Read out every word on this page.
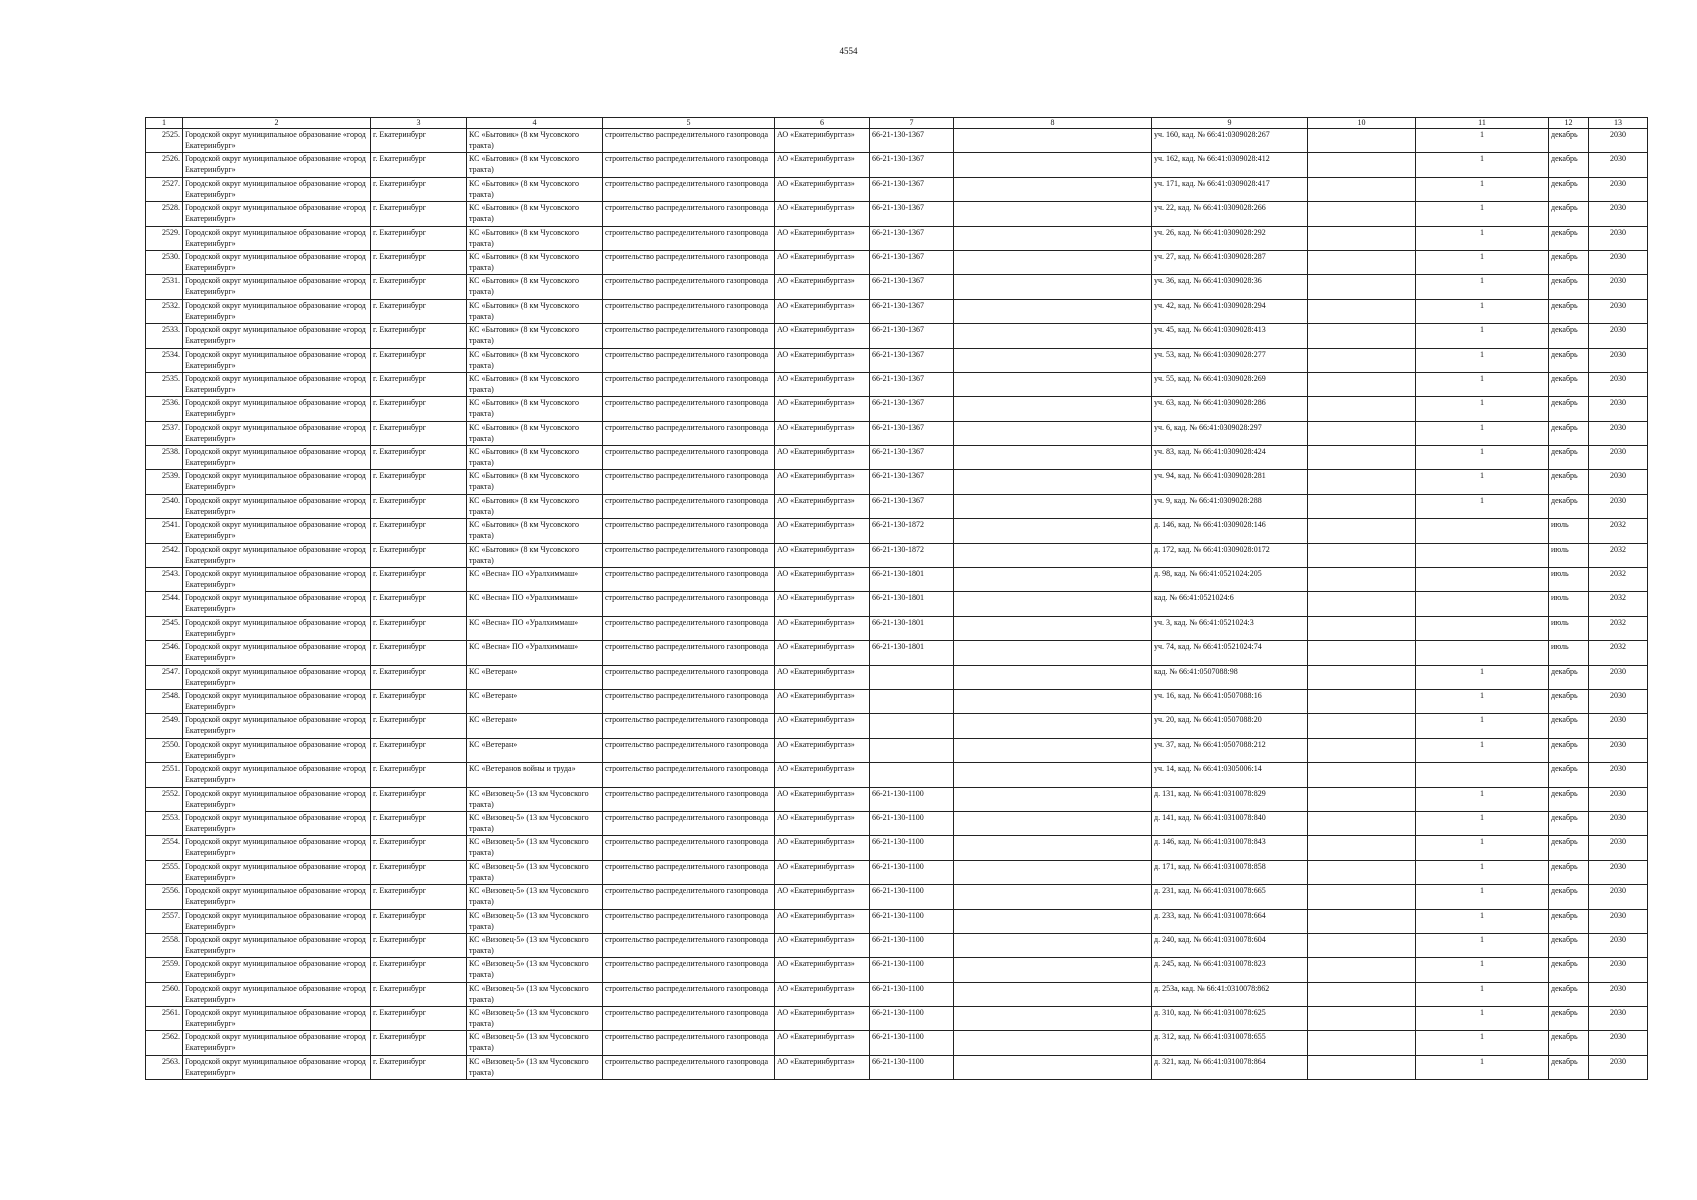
4554
1	2	3	4	5	6	7	8	9	10	11	12	13
2525.	Городской округ муниципальное образование «город Екатеринбург»	г. Екатеринбург	КС «Бытовик» (8 км Чусовского тракта)	строительство распределительного газопровода	АО «Екатеринбурггаз»	66-21-130-1367		уч. 160, кад. № 66:41:0309028:267		1	декабрь	2030
2526.	Городской округ муниципальное образование «город Екатеринбург»	г. Екатеринбург	КС «Бытовик» (8 км Чусовского тракта)	строительство распределительного газопровода	АО «Екатеринбурггаз»	66-21-130-1367		уч. 162, кад. № 66:41:0309028:412		1	декабрь	2030
2527.	Городской округ муниципальное образование «город Екатеринбург»	г. Екатеринбург	КС «Бытовик» (8 км Чусовского тракта)	строительство распределительного газопровода	АО «Екатеринбурггаз»	66-21-130-1367		уч. 171, кад. № 66:41:0309028:417		1	декабрь	2030
2528.	Городской округ муниципальное образование «город Екатеринбург»	г. Екатеринбург	КС «Бытовик» (8 км Чусовского тракта)	строительство распределительного газопровода	АО «Екатеринбурггаз»	66-21-130-1367		уч. 22, кад. № 66:41:0309028:266		1	декабрь	2030
2529.	Городской округ муниципальное образование «город Екатеринбург»	г. Екатеринбург	КС «Бытовик» (8 км Чусовского тракта)	строительство распределительного газопровода	АО «Екатеринбурггаз»	66-21-130-1367		уч. 26, кад. № 66:41:0309028:292		1	декабрь	2030
2530.	Городской округ муниципальное образование «город Екатеринбург»	г. Екатеринбург	КС «Бытовик» (8 км Чусовского тракта)	строительство распределительного газопровода	АО «Екатеринбурггаз»	66-21-130-1367		уч. 27, кад. № 66:41:0309028:287		1	декабрь	2030
2531.	Городской округ муниципальное образование «город Екатеринбург»	г. Екатеринбург	КС «Бытовик» (8 км Чусовского тракта)	строительство распределительного газопровода	АО «Екатеринбурггаз»	66-21-130-1367		уч. 36, кад. № 66:41:0309028:36		1	декабрь	2030
2532.	Городской округ муниципальное образование «город Екатеринбург»	г. Екатеринбург	КС «Бытовик» (8 км Чусовского тракта)	строительство распределительного газопровода	АО «Екатеринбурггаз»	66-21-130-1367		уч. 42, кад. № 66:41:0309028:294		1	декабрь	2030
2533.	Городской округ муниципальное образование «город Екатеринбург»	г. Екатеринбург	КС «Бытовик» (8 км Чусовского тракта)	строительство распределительного газопровода	АО «Екатеринбурггаз»	66-21-130-1367		уч. 45, кад. № 66:41:0309028:413		1	декабрь	2030
2534.	Городской округ муниципальное образование «город Екатеринбург»	г. Екатеринбург	КС «Бытовик» (8 км Чусовского тракта)	строительство распределительного газопровода	АО «Екатеринбурггаз»	66-21-130-1367		уч. 53, кад. № 66:41:0309028:277		1	декабрь	2030
2535.	Городской округ муниципальное образование «город Екатеринбург»	г. Екатеринбург	КС «Бытовик» (8 км Чусовского тракта)	строительство распределительного газопровода	АО «Екатеринбурггаз»	66-21-130-1367		уч. 55, кад. № 66:41:0309028:269		1	декабрь	2030
2536.	Городской округ муниципальное образование «город Екатеринбург»	г. Екатеринбург	КС «Бытовик» (8 км Чусовского тракта)	строительство распределительного газопровода	АО «Екатеринбурггаз»	66-21-130-1367		уч. 63, кад. № 66:41:0309028:286		1	декабрь	2030
2537.	Городской округ муниципальное образование «город Екатеринбург»	г. Екатеринбург	КС «Бытовик» (8 км Чусовского тракта)	строительство распределительного газопровода	АО «Екатеринбурггаз»	66-21-130-1367		уч. 6, кад. № 66:41:0309028:297		1	декабрь	2030
2538.	Городской округ муниципальное образование «город Екатеринбург»	г. Екатеринбург	КС «Бытовик» (8 км Чусовского тракта)	строительство распределительного газопровода	АО «Екатеринбурггаз»	66-21-130-1367		уч. 83, кад. № 66:41:0309028:424		1	декабрь	2030
2539.	Городской округ муниципальное образование «город Екатеринбург»	г. Екатеринбург	КС «Бытовик» (8 км Чусовского тракта)	строительство распределительного газопровода	АО «Екатеринбурггаз»	66-21-130-1367		уч. 94, кад. № 66:41:0309028:281		1	декабрь	2030
2540.	Городской округ муниципальное образование «город Екатеринбург»	г. Екатеринбург	КС «Бытовик» (8 км Чусовского тракта)	строительство распределительного газопровода	АО «Екатеринбурггаз»	66-21-130-1367		уч. 9, кад. № 66:41:0309028:288		1	декабрь	2030
2541.	Городской округ муниципальное образование «город Екатеринбург»	г. Екатеринбург	КС «Бытовик» (8 км Чусовского тракта)	строительство распределительного газопровода	АО «Екатеринбурггаз»	66-21-130-1872		д. 146, кад. № 66:41:0309028:146			июль	2032
2542.	Городской округ муниципальное образование «город Екатеринбург»	г. Екатеринбург	КС «Бытовик» (8 км Чусовского тракта)	строительство распределительного газопровода	АО «Екатеринбурггаз»	66-21-130-1872		д. 172, кад. № 66:41:0309028:0172			июль	2032
2543.	Городской округ муниципальное образование «город Екатеринбург»	г. Екатеринбург	КС «Весна» ПО «Уралхиммаш»	строительство распределительного газопровода	АО «Екатеринбурггаз»	66-21-130-1801		д. 98, кад. № 66:41:0521024:205			июль	2032
2544.	Городской округ муниципальное образование «город Екатеринбург»	г. Екатеринбург	КС «Весна» ПО «Уралхиммаш»	строительство распределительного газопровода	АО «Екатеринбурггаз»	66-21-130-1801		кад. № 66:41:0521024:6			июль	2032
2545.	Городской округ муниципальное образование «город Екатеринбург»	г. Екатеринбург	КС «Весна» ПО «Уралхиммаш»	строительство распределительного газопровода	АО «Екатеринбурггаз»	66-21-130-1801		уч. 3, кад. № 66:41:0521024:3			июль	2032
2546.	Городской округ муниципальное образование «город Екатеринбург»	г. Екатеринбург	КС «Весна» ПО «Уралхиммаш»	строительство распределительного газопровода	АО «Екатеринбурггаз»	66-21-130-1801		уч. 74, кад. № 66:41:0521024:74			июль	2032
2547.	Городской округ муниципальное образование «город Екатеринбург»	г. Екатеринбург	КС «Ветеран»	строительство распределительного газопровода	АО «Екатеринбурггаз»			кад. № 66:41:0507088:98		1	декабрь	2030
2548.	Городской округ муниципальное образование «город Екатеринбург»	г. Екатеринбург	КС «Ветеран»	строительство распределительного газопровода	АО «Екатеринбурггаз»			уч. 16, кад. № 66:41:0507088:16		1	декабрь	2030
2549.	Городской округ муниципальное образование «город Екатеринбург»	г. Екатеринбург	КС «Ветеран»	строительство распределительного газопровода	АО «Екатеринбурггаз»			уч. 20, кад. № 66:41:0507088:20		1	декабрь	2030
2550.	Городской округ муниципальное образование «город Екатеринбург»	г. Екатеринбург	КС «Ветеран»	строительство распределительного газопровода	АО «Екатеринбурггаз»			уч. 37, кад. № 66:41:0507088:212		1	декабрь	2030
2551.	Городской округ муниципальное образование «город Екатеринбург»	г. Екатеринбург	КС «Ветеранов войны и труда»	строительство распределительного газопровода	АО «Екатеринбурггаз»			уч. 14, кад. № 66:41:0305006:14			декабрь	2030
2552.	Городской округ муниципальное образование «город Екатеринбург»	г. Екатеринбург	КС «Визовец-5» (13 км Чусовского тракта)	строительство распределительного газопровода	АО «Екатеринбурггаз»	66-21-130-1100		д. 131, кад. № 66:41:0310078:829		1	декабрь	2030
2553.	Городской округ муниципальное образование «город Екатеринбург»	г. Екатеринбург	КС «Визовец-5» (13 км Чусовского тракта)	строительство распределительного газопровода	АО «Екатеринбурггаз»	66-21-130-1100		д. 141, кад. № 66:41:0310078:840		1	декабрь	2030
2554.	Городской округ муниципальное образование «город Екатеринбург»	г. Екатеринбург	КС «Визовец-5» (13 км Чусовского тракта)	строительство распределительного газопровода	АО «Екатеринбурггаз»	66-21-130-1100		д. 146, кад. № 66:41:0310078:843		1	декабрь	2030
2555.	Городской округ муниципальное образование «город Екатеринбург»	г. Екатеринбург	КС «Визовец-5» (13 км Чусовского тракта)	строительство распределительного газопровода	АО «Екатеринбурггаз»	66-21-130-1100		д. 171, кад. № 66:41:0310078:858		1	декабрь	2030
2556.	Городской округ муниципальное образование «город Екатеринбург»	г. Екатеринбург	КС «Визовец-5» (13 км Чусовского тракта)	строительство распределительного газопровода	АО «Екатеринбурггаз»	66-21-130-1100		д. 231, кад. № 66:41:0310078:665		1	декабрь	2030
2557.	Городской округ муниципальное образование «город Екатеринбург»	г. Екатеринбург	КС «Визовец-5» (13 км Чусовского тракта)	строительство распределительного газопровода	АО «Екатеринбурггаз»	66-21-130-1100		д. 233, кад. № 66:41:0310078:664		1	декабрь	2030
2558.	Городской округ муниципальное образование «город Екатеринбург»	г. Екатеринбург	КС «Визовец-5» (13 км Чусовского тракта)	строительство распределительного газопровода	АО «Екатеринбурггаз»	66-21-130-1100		д. 240, кад. № 66:41:0310078:604		1	декабрь	2030
2559.	Городской округ муниципальное образование «город Екатеринбург»	г. Екатеринбург	КС «Визовец-5» (13 км Чусовского тракта)	строительство распределительного газопровода	АО «Екатеринбурггаз»	66-21-130-1100		д. 245, кад. № 66:41:0310078:823		1	декабрь	2030
2560.	Городской округ муниципальное образование «город Екатеринбург»	г. Екатеринбург	КС «Визовец-5» (13 км Чусовского тракта)	строительство распределительного газопровода	АО «Екатеринбурггаз»	66-21-130-1100		д. 253а, кад. № 66:41:0310078:862		1	декабрь	2030
2561.	Городской округ муниципальное образование «город Екатеринбург»	г. Екатеринбург	КС «Визовец-5» (13 км Чусовского тракта)	строительство распределительного газопровода	АО «Екатеринбурггаз»	66-21-130-1100		д. 310, кад. № 66:41:0310078:625		1	декабрь	2030
2562.	Городской округ муниципальное образование «город Екатеринбург»	г. Екатеринбург	КС «Визовец-5» (13 км Чусовского тракта)	строительство распределительного газопровода	АО «Екатеринбурггаз»	66-21-130-1100		д. 312, кад. № 66:41:0310078:655		1	декабрь	2030
2563.	Городской округ муниципальное образование «город Екатеринбург»	г. Екатеринбург	КС «Визовец-5» (13 км Чусовского тракта)	строительство распределительного газопровода	АО «Екатеринбурггаз»	66-21-130-1100		д. 321, кад. № 66:41:0310078:864		1	декабрь	2030
